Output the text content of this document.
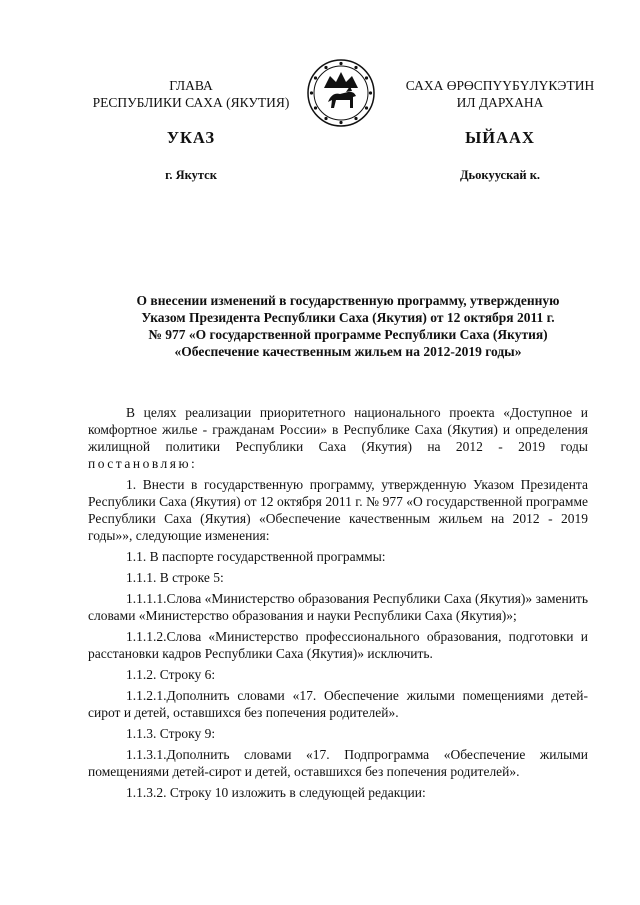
ГЛАВА
РЕСПУБЛИКИ САХА (ЯКУТИЯ)
САХА ӨРӨСПҮҮБҮЛҮКЭТИН
ИЛ ДАРХАНА
УКАЗ	ЫЙААХ
г. Якутск	Дьокуускай к.
О внесении изменений в государственную программу, утвержденную
Указом Президента Республики Саха (Якутия) от 12 октября 2011 г.
№ 977 «О государственной программе Республики Саха (Якутия)
«Обеспечение качественным жильем на 2012-2019 годы»

В целях реализации приоритетного национального проекта «Доступное и комфортное жилье - гражданам России» в Республике Саха (Якутия) и определения жилищной политики Республики Саха (Якутия) на 2012 - 2019 годы постановляю:

1. Внести в государственную программу, утвержденную Указом Президента Республики Саха (Якутия) от 12 октября 2011 г. № 977 «О государственной программе Республики Саха (Якутия) «Обеспечение качественным жильем на 2012 - 2019 годы»», следующие изменения:

1.1. В паспорте государственной программы:

1.1.1. В строке 5:

1.1.1.1.Слова «Министерство образования Республики Саха (Якутия)» заменить словами «Министерство образования и науки Республики Саха (Якутия)»;

1.1.1.2.Слова «Министерство профессионального образования, подготовки и расстановки кадров Республики Саха (Якутия)» исключить.

1.1.2. Строку 6:

1.1.2.1.Дополнить словами «17. Обеспечение жилыми помещениями детей-сирот и детей, оставшихся без попечения родителей».

1.1.3. Строку 9:

1.1.3.1.Дополнить словами «17. Подпрограмма «Обеспечение жилыми помещениями детей-сирот и детей, оставшихся без попечения родителей».

1.1.3.2. Строку 10 изложить в следующей редакции:
